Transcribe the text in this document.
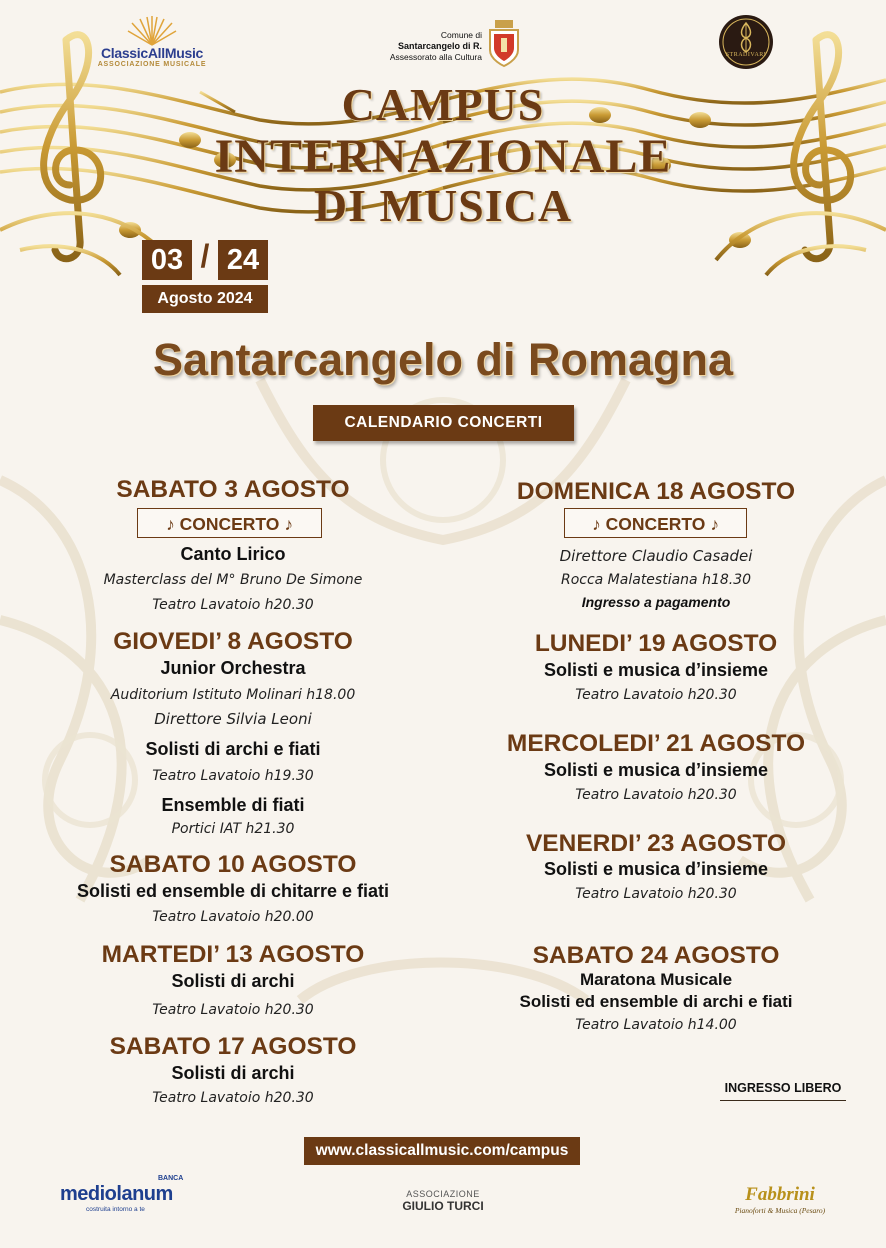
ClassicAllMusic
ASSOCIAZIONE MUSICALE
Comune di
Santarcangelo di R.
Assessorato alla Cultura	STRADIVARI
CAMPUS
INTERNAZIONALE
DI MUSICA
03 / 24
Agosto 2024
Santarcangelo di Romagna
CALENDARIO CONCERTI
SABATO 3 AGOSTO
♪ CONCERTO ♪
Canto Lirico
Masterclass del M° Bruno De Simone
Teatro Lavatoio h20.30
GIOVEDI’ 8 AGOSTO
Junior Orchestra
Auditorium Istituto Molinari h18.00
Direttore Silvia Leoni
Solisti di archi e fiati
Teatro Lavatoio h19.30
Ensemble di fiati
Portici IAT h21.30
SABATO 10 AGOSTO
Solisti ed ensemble di chitarre e fiati
Teatro Lavatoio h20.00
MARTEDI’ 13 AGOSTO
Solisti di archi
Teatro Lavatoio h20.30
SABATO 17 AGOSTO
Solisti di archi
Teatro Lavatoio h20.30
DOMENICA 18 AGOSTO
♪ CONCERTO ♪
Direttore Claudio Casadei
Rocca Malatestiana h18.30
Ingresso a pagamento
LUNEDI’ 19 AGOSTO
Solisti e musica d’insieme
Teatro Lavatoio h20.30
MERCOLEDI’ 21 AGOSTO
Solisti e musica d’insieme
Teatro Lavatoio h20.30
VENERDI’ 23 AGOSTO
Solisti e musica d’insieme
Teatro Lavatoio h20.30
SABATO 24 AGOSTO
Maratona Musicale
Solisti ed ensemble di archi e fiati
Teatro Lavatoio h14.00
INGRESSO LIBERO
www.classicallmusic.com/campus
BANCA
mediolanum
costruita intorno a te
ASSOCIAZIONE
GIULIO TURCI
Fabbrini
Pianoforti & Musica (Pesaro)
